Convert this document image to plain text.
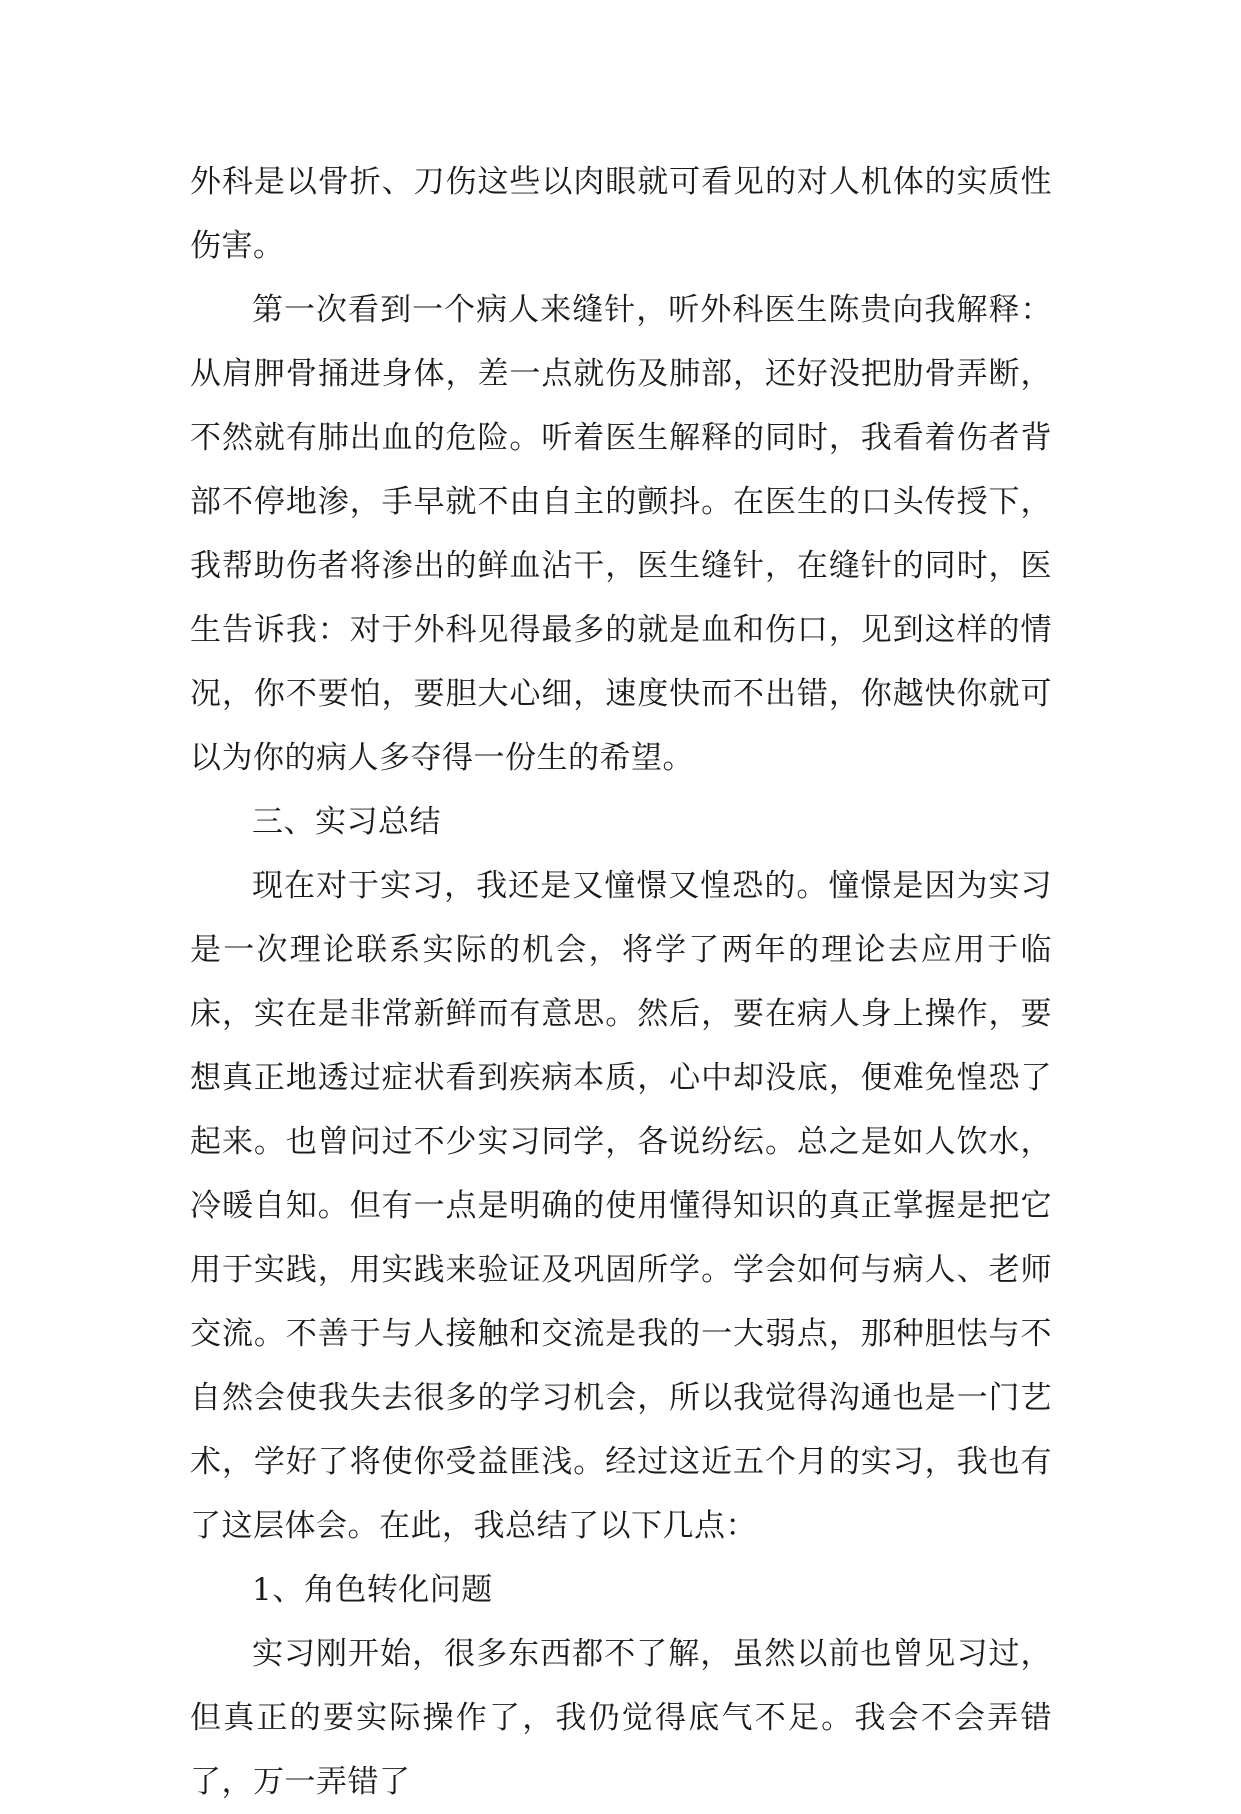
外科是以骨折、刀伤这些以肉眼就可看见的对人机体的实质性伤害。

第一次看到一个病人来缝针，听外科医生陈贵向我解释：从肩胛骨捅进身体，差一点就伤及肺部，还好没把肋骨弄断，不然就有肺出血的危险。听着医生解释的同时，我看着伤者背部不停地渗，手早就不由自主的颤抖。在医生的口头传授下，我帮助伤者将渗出的鲜血沾干，医生缝针，在缝针的同时，医生告诉我：对于外科见得最多的就是血和伤口，见到这样的情况，你不要怕，要胆大心细，速度快而不出错，你越快你就可以为你的病人多夺得一份生的希望。

三、实习总结

现在对于实习，我还是又憧憬又惶恐的。憧憬是因为实习是一次理论联系实际的机会，将学了两年的理论去应用于临床，实在是非常新鲜而有意思。然后，要在病人身上操作，要想真正地透过症状看到疾病本质，心中却没底，便难免惶恐了起来。也曾问过不少实习同学，各说纷纭。总之是如人饮水，冷暖自知。但有一点是明确的使用懂得知识的真正掌握是把它用于实践，用实践来验证及巩固所学。学会如何与病人、老师交流。不善于与人接触和交流是我的一大弱点，那种胆怯与不自然会使我失去很多的学习机会，所以我觉得沟通也是一门艺术，学好了将使你受益匪浅。经过这近五个月的实习，我也有了这层体会。在此，我总结了以下几点：

1、角色转化问题

实习刚开始，很多东西都不了解，虽然以前也曾见习过，但真正的要实际操作了，我仍觉得底气不足。我会不会弄错了，万一弄错了
